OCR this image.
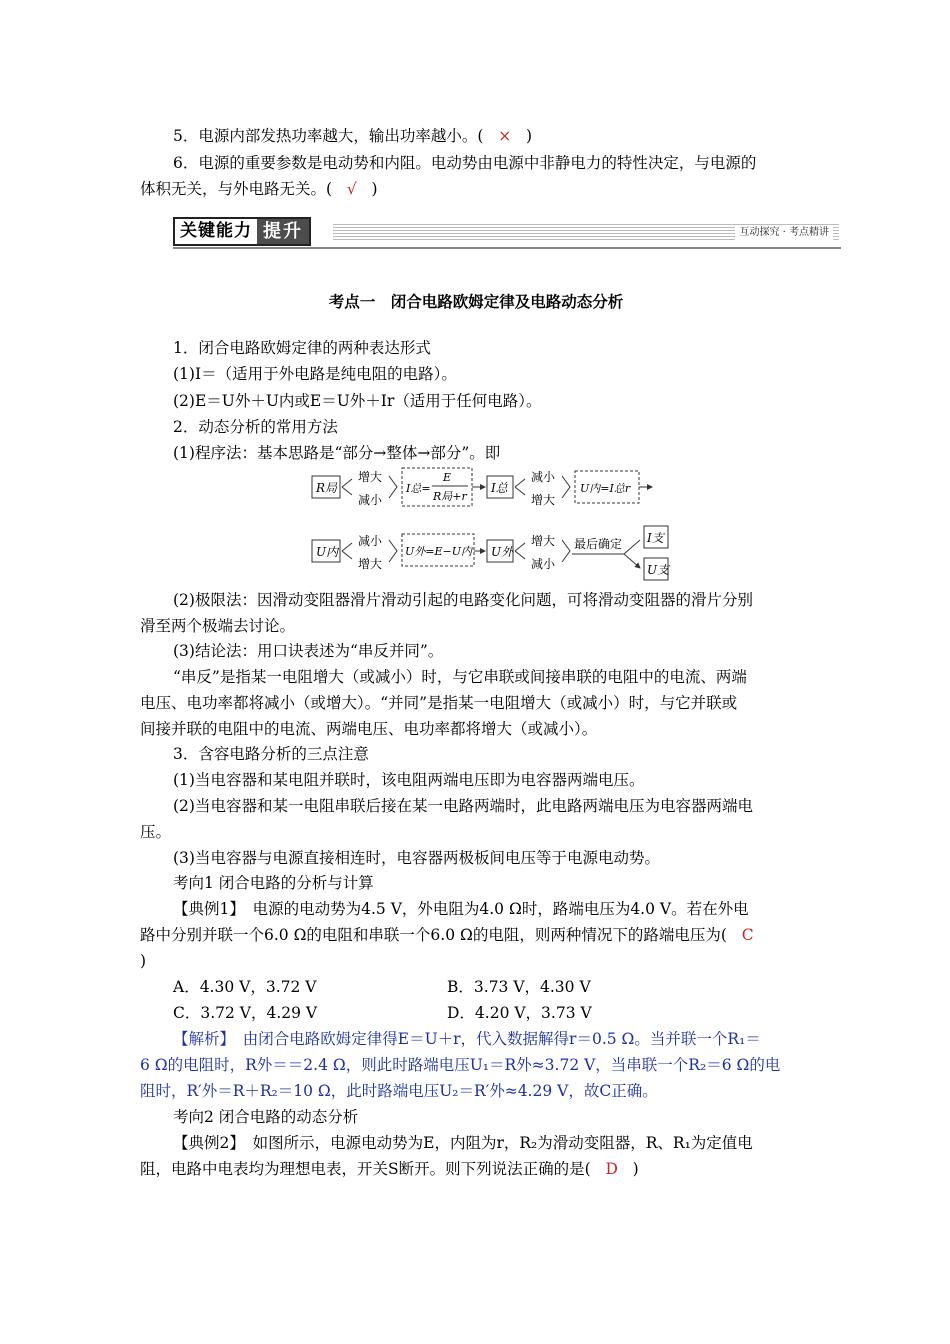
5．电源内部发热功率越大，输出功率越小。( × )
6．电源的重要参数是电动势和内阻。电动势由电源中非静电力的特性决定，与电源的
体积无关，与外电路无关。( √ )
关键能力 提升	互动探究 · 考点精讲
考点一　闭合电路欧姆定律及电路动态分析
1．闭合电路欧姆定律的两种表达形式
(1)I＝（适用于外电路是纯电阻的电路）。
(2)E＝U外＋U内或E＝U外＋Ir（适用于任何电路）。
2．动态分析的常用方法
(1)程序法：基本思路是“部分→整体→部分”。即
R局
增大
减小
I总=
E
R局+r
I总
减小
增大
U内=I总r
U内
减小
增大
U外=E−U内 U外
增大
减小
最后确定 I支
U支
(2)极限法：因滑动变阻器滑片滑动引起的电路变化问题，可将滑动变阻器的滑片分别
滑至两个极端去讨论。
(3)结论法：用口诀表述为“串反并同”。
“串反”是指某一电阻增大（或减小）时，与它串联或间接串联的电阻中的电流、两端
电压、电功率都将减小（或增大）。“并同”是指某一电阻增大（或减小）时，与它并联或
间接并联的电阻中的电流、两端电压、电功率都将增大（或减小）。
3．含容电路分析的三点注意
(1)当电容器和某电阻并联时，该电阻两端电压即为电容器两端电压。
(2)当电容器和某一电阻串联后接在某一电路两端时，此电路两端电压为电容器两端电
压。
(3)当电容器与电源直接相连时，电容器两极板间电压等于电源电动势。
考向1 闭合电路的分析与计算
【典例1】　电源的电动势为4.5 V，外电阻为4.0 Ω时，路端电压为4.0 V。若在外电
路中分别并联一个6.0 Ω的电阻和串联一个6.0 Ω的电阻，则两种情况下的路端电压为( C
)
A．4.30 V，3.72 V	B．3.73 V，4.30 V
C．3.72 V，4.29 V	D．4.20 V，3.73 V
【解析】　由闭合电路欧姆定律得E＝U＋r，代入数据解得r＝0.5 Ω。当并联一个R₁＝
6 Ω的电阻时，R外＝＝2.4 Ω，则此时路端电压U₁＝R外≈3.72 V，当串联一个R₂＝6 Ω的电
阻时，R′外＝R＋R₂＝10 Ω，此时路端电压U₂＝R′外≈4.29 V，故C正确。
考向2 闭合电路的动态分析
【典例2】　如图所示，电源电动势为E，内阻为r，R₂为滑动变阻器，R、R₁为定值电
阻，电路中电表均为理想电表，开关S断开。则下列说法正确的是( D )
